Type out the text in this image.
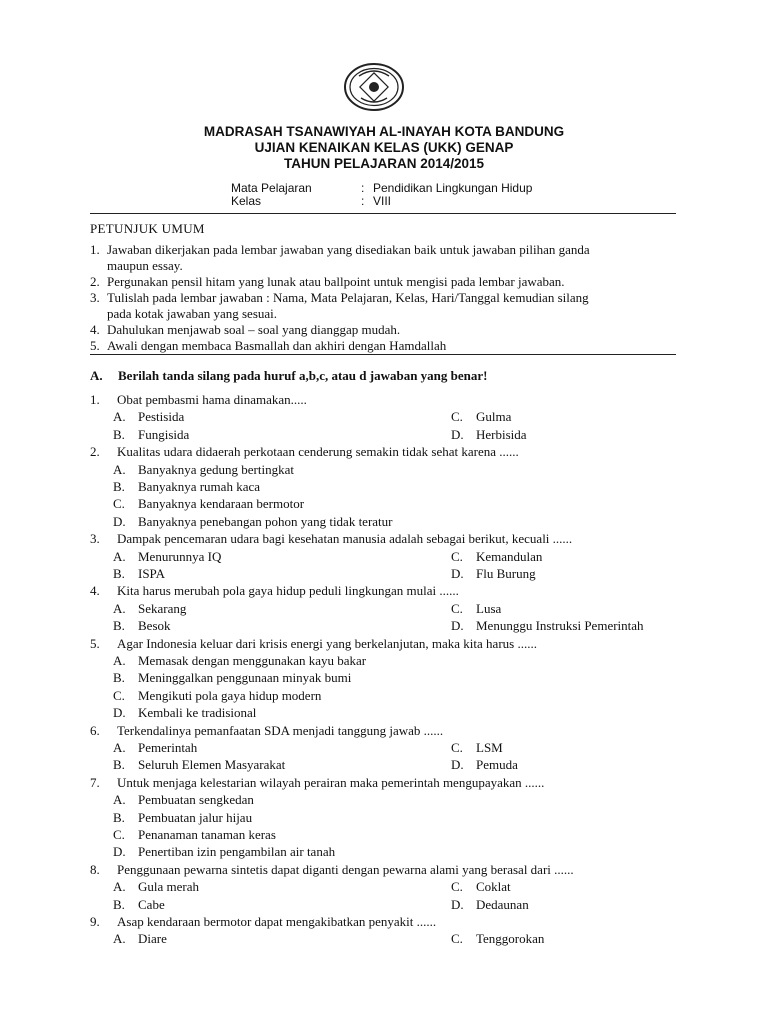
MADRASAH TSANAWIYAH AL-INAYAH KOTA BANDUNG
UJIAN KENAIKAN KELAS (UKK) GENAP
TAHUN PELAJARAN 2014/2015
Mata Pelajaran	: Pendidikan Lingkungan Hidup
Kelas	: VIII
PETUNJUK UMUM
1. Jawaban dikerjakan pada lembar jawaban yang disediakan baik untuk jawaban pilihan ganda
maupun essay.
2. Pergunakan pensil hitam yang lunak atau ballpoint untuk mengisi pada lembar jawaban.
3. Tulislah pada lembar jawaban : Nama, Mata Pelajaran, Kelas, Hari/Tanggal kemudian silang
pada kotak jawaban yang sesuai.
4. Dahulukan menjawab soal – soal yang dianggap mudah.
5. Awali dengan membaca Basmallah dan akhiri dengan Hamdallah
A. Berilah tanda silang pada huruf a,b,c, atau d jawaban yang benar!
1. Obat pembasmi hama dinamakan.....
A. Pestisida	C. Gulma
B. Fungisida	D. Herbisida
2. Kualitas udara didaerah perkotaan cenderung semakin tidak sehat karena ......
A. Banyaknya gedung bertingkat
B. Banyaknya rumah kaca
C. Banyaknya kendaraan bermotor
D. Banyaknya penebangan pohon yang tidak teratur
3. Dampak pencemaran udara bagi kesehatan manusia adalah sebagai berikut, kecuali ......
A. Menurunnya IQ	C. Kemandulan
B. ISPA	D. Flu Burung
4. Kita harus merubah pola gaya hidup peduli lingkungan mulai ......
A. Sekarang	C. Lusa
B. Besok	D. Menunggu Instruksi Pemerintah
5. Agar Indonesia keluar dari krisis energi yang berkelanjutan, maka kita harus ......
A. Memasak dengan menggunakan kayu bakar
B. Meninggalkan penggunaan minyak bumi
C. Mengikuti pola gaya hidup modern
D. Kembali ke tradisional
6. Terkendalinya pemanfaatan SDA menjadi tanggung jawab ......
A. Pemerintah	C. LSM
B. Seluruh Elemen Masyarakat	D. Pemuda
7. Untuk menjaga kelestarian wilayah perairan maka pemerintah mengupayakan ......
A. Pembuatan sengkedan
B. Pembuatan jalur hijau
C. Penanaman tanaman keras
D. Penertiban izin pengambilan air tanah
8. Penggunaan pewarna sintetis dapat diganti dengan pewarna alami yang berasal dari ......
A. Gula merah	C. Coklat
B. Cabe	D. Dedaunan
9. Asap kendaraan bermotor dapat mengakibatkan penyakit ......
A. Diare	C. Tenggorokan
